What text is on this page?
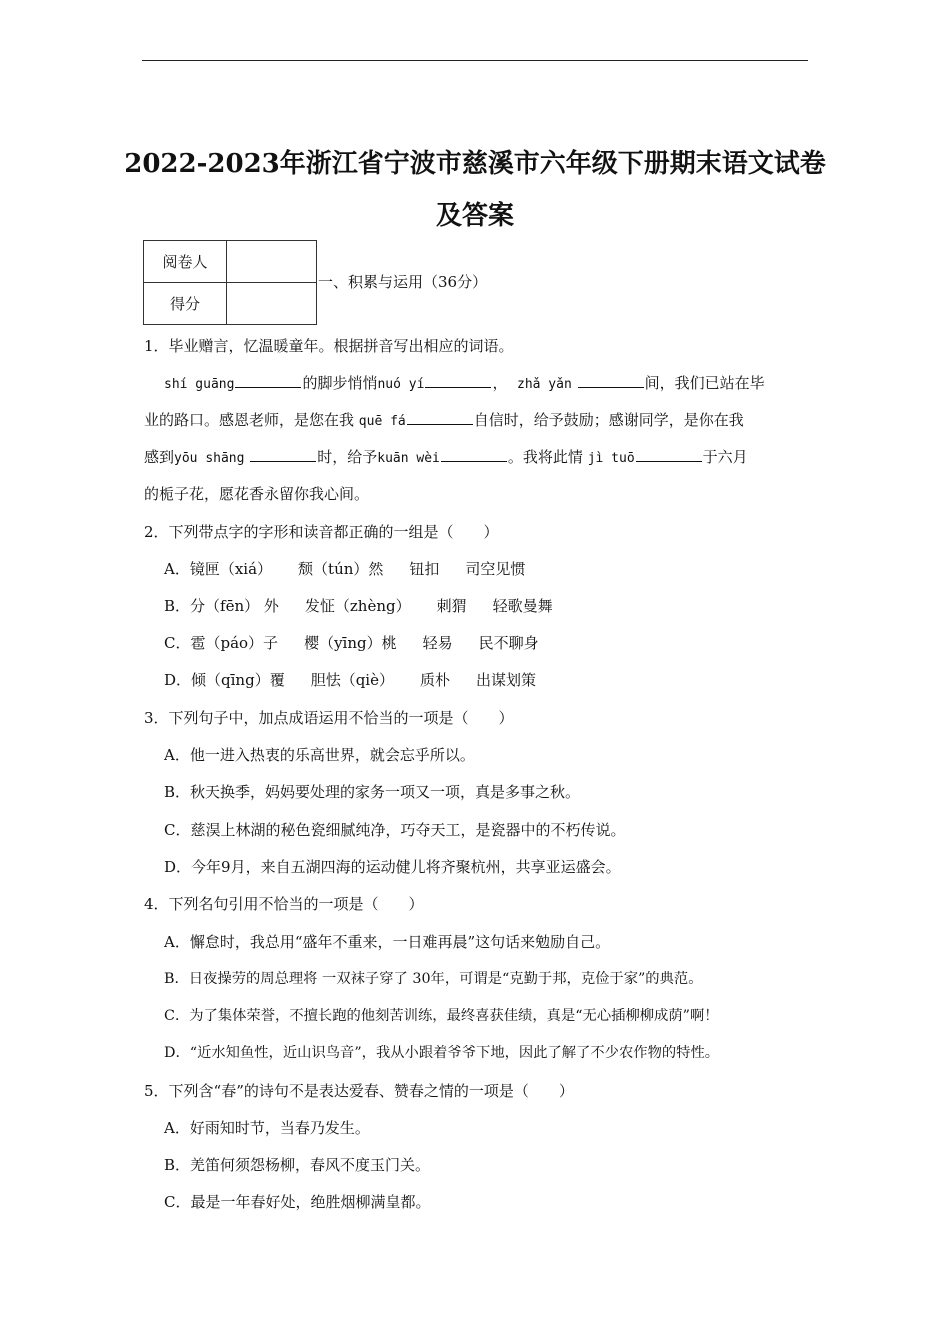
2022-2023年浙江省宁波市慈溪市六年级下册期末语文试卷
及答案
阅卷人	
得分	
一、积累与运用（36分）
1．毕业赠言，忆温暖童年。根据拼音写出相应的词语。
shí guāng	的脚步悄悄nuó yí	， zhǎ yǎn	间，我们已站在毕
业的路口。感恩老师，是您在我 quē fá	自信时，给予鼓励；感谢同学，是你在我
感到yōu shāng	时，给予kuān wèi	。我将此情 jì tuō	于六月
的栀子花，愿花香永留你我心间。
2．下列带点字的字形和读音都正确的一组是（　　）
A．镜匣（xiá） 颓（tún）然 钮扣 司空见惯
B．分（fēn） 外 发怔（zhèng） 刺猬 轻歌曼舞
C．雹（páo）子 樱（yīng）桃 轻易 民不聊身
D．倾（qīng）覆 胆怯（qiè） 质朴 出谋划策
3．下列句子中，加点成语运用不恰当的一项是（　　）
A．他一进入热衷的乐高世界，就会忘乎所以。
B．秋天换季，妈妈要处理的家务一项又一项，真是多事之秋。
C．慈淏上林湖的秘色瓷细腻纯净，巧夺天工，是瓷器中的不朽传说。
D．今年9月，来自五湖四海的运动健儿将齐聚杭州，共享亚运盛会。
4．下列名句引用不恰当的一项是（　　）
A．懈怠时，我总用“盛年不重来，一日难再晨”这句话来勉励自己。
B．日夜操劳的周总理将 一双袜子穿了 30年，可谓是“克勤于邦，克俭于家”的典范。
C．为了集体荣誉，不擅长跑的他刻苦训练，最终喜获佳绩，真是“无心插柳柳成荫”啊！
D．“近水知鱼性，近山识鸟音”，我从小跟着爷爷下地，因此了解了不少农作物的特性。
5．下列含“春”的诗句不是表达爱春、赞春之情的一项是（　　）
A．好雨知时节，当春乃发生。
B．羌笛何须怨杨柳，春风不度玉门关。
C．最是一年春好处，绝胜烟柳满皇都。
